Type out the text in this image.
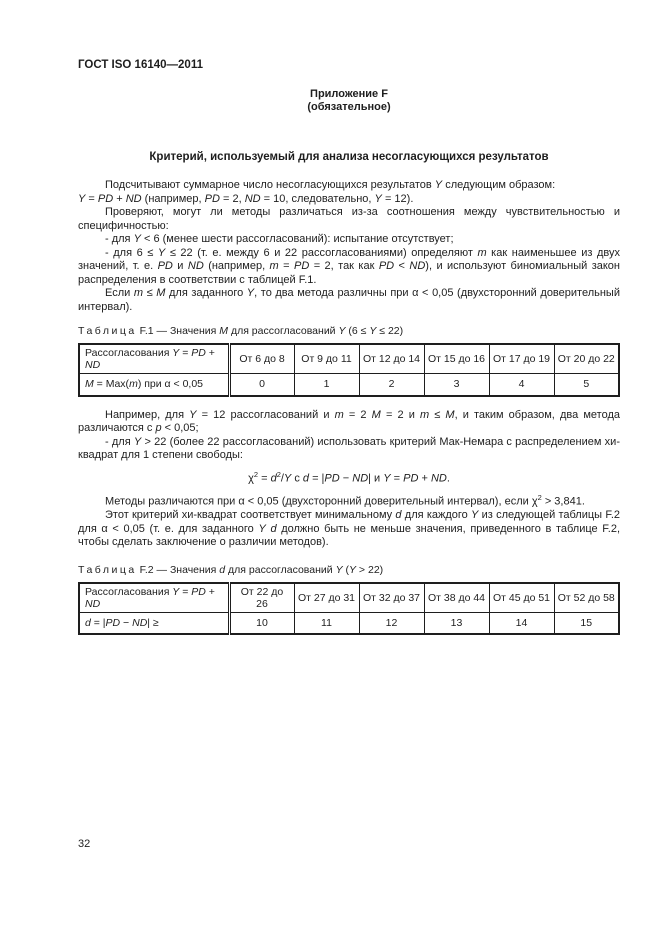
ГОСТ ISO 16140—2011
Приложение F
(обязательное)
Критерий, используемый для анализа несогласующихся результатов

Подсчитывают суммарное число несогласующихся результатов Y следующим образом:

Y = PD + ND (например, PD = 2, ND = 10, следовательно, Y = 12).

Проверяют, могут ли методы различаться из-за соотношения между чувствительностью и специфичностью:

- для Y < 6 (менее шести рассогласований): испытание отсутствует;

- для 6 ≤ Y ≤ 22 (т. е. между 6 и 22 рассогласованиями) определяют m как наименьшее из двух значений, т. е. PD и ND (например, m = PD = 2, так как PD < ND), и используют биномиальный закон распределения в соответствии с таблицей F.1.

Если m ≤ M для заданного Y, то два метода различны при α < 0,05 (двухсторонний доверительный интервал).

Таблица F.1 — Значения M для рассогласований Y (6 ≤ Y ≤ 22)
Рассогласования Y = PD + ND	От 6 до 8	От 9 до 11	От 12 до 14	От 15 до 16	От 17 до 19	От 20 до 22
M = Max(m) при α < 0,05	0	1	2	3	4	5

Например, для Y = 12 рассогласований и m = 2 M = 2 и m ≤ M, и таким образом, два метода различаются с p < 0,05;

- для Y > 22 (более 22 рассогласований) использовать критерий Мак-Немара с распределением хи-квадрат для 1 степени свободы:

$\chi^2 = d^2/Y$ с d = |PD − ND| и Y = PD + ND.

Методы различаются при α < 0,05 (двухсторонний доверительный интервал), если $\chi^2 > 3,841$.

Этот критерий хи-квадрат соответствует минимальному d для каждого Y из следующей таблицы F.2 для α < 0,05 (т. е. для заданного Y d должно быть не меньше значения, приведенного в таблице F.2, чтобы сделать заключение о различии методов).

Таблица F.2 — Значения d для рассогласований Y (Y > 22)
Рассогласования Y = PD + ND	От 22 до 26	От 27 до 31	От 32 до 37	От 38 до 44	От 45 до 51	От 52 до 58
d = |PD − ND| ≥	10	11	12	13	14	15
32
